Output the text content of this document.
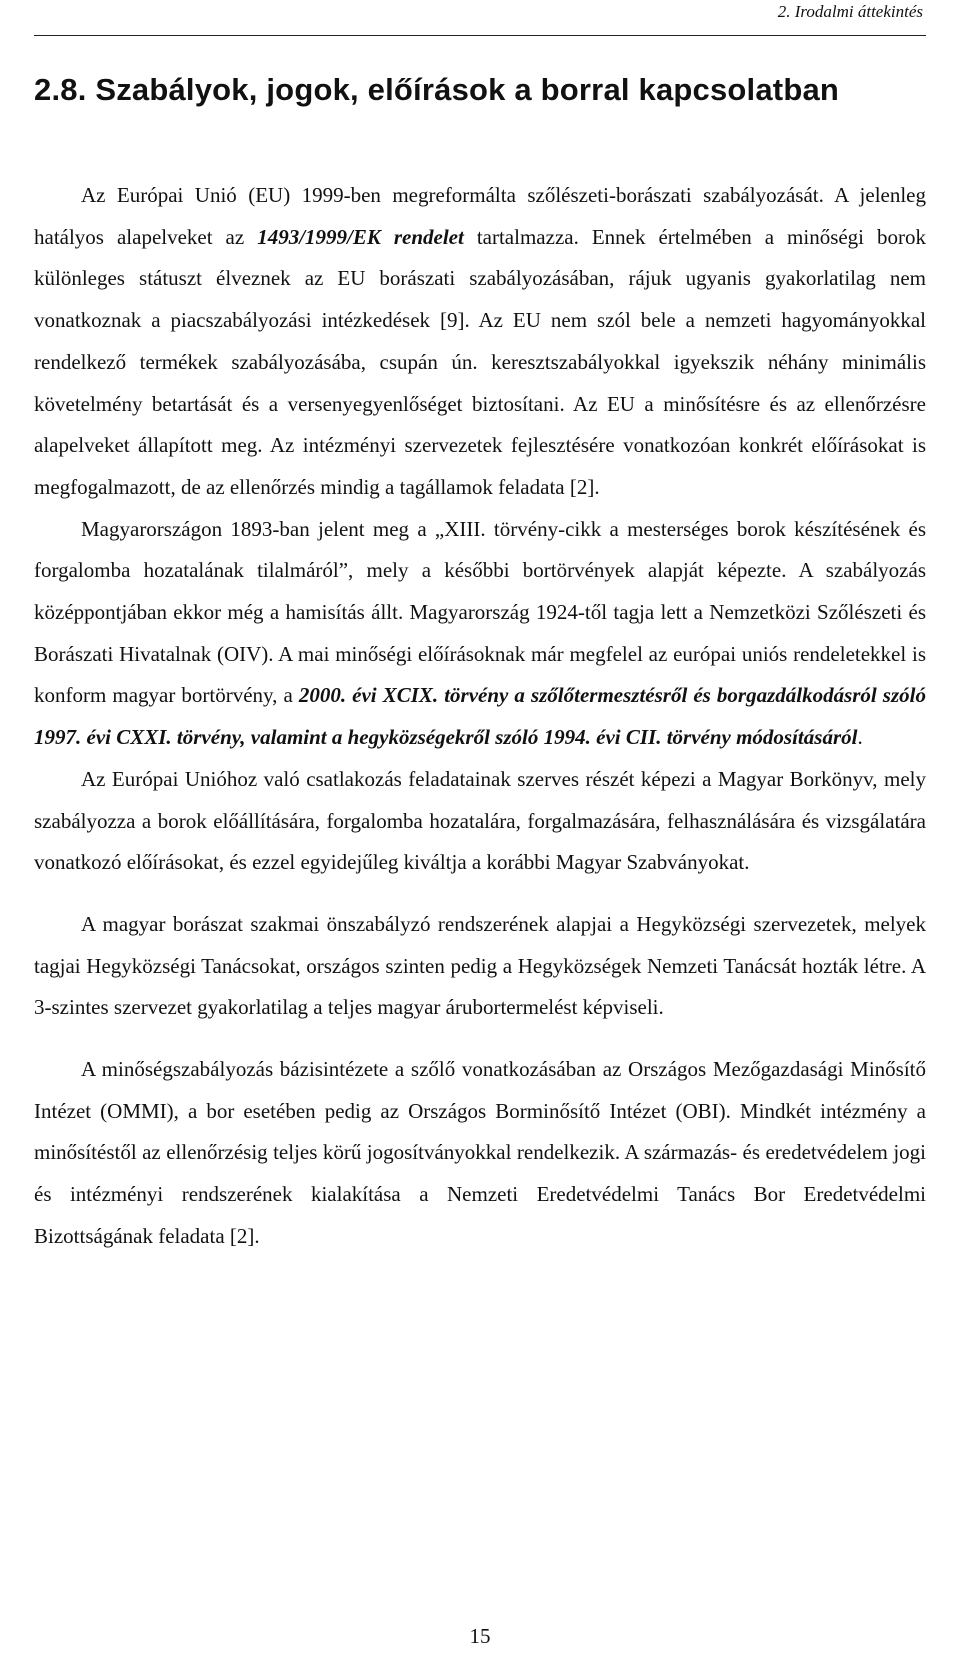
2. Irodalmi áttekintés
2.8. Szabályok, jogok, előírások a borral kapcsolatban

Az Európai Unió (EU) 1999-ben megreformálta szőlészeti-borászati szabályozását. A jelenleg hatályos alapelveket az 1493/1999/EK rendelet tartalmazza. Ennek értelmében a minőségi borok különleges státuszt élveznek az EU borászati szabályozásában, rájuk ugyanis gyakorlatilag nem vonatkoznak a piacszabályozási intézkedések [9]. Az EU nem szól bele a nemzeti hagyományokkal rendelkező termékek szabályozásába, csupán ún. keresztszabályokkal igyekszik néhány minimális követelmény betartását és a versenyegyenlőséget biztosítani. Az EU a minősítésre és az ellenőrzésre alapelveket állapított meg. Az intézményi szervezetek fejlesztésére vonatkozóan konkrét előírásokat is megfogalmazott, de az ellenőrzés mindig a tagállamok feladata [2].

Magyarországon 1893-ban jelent meg a „XIII. törvény-cikk a mesterséges borok készítésének és forgalomba hozatalának tilalmáról”, mely a későbbi bortörvények alapját képezte. A szabályozás középpontjában ekkor még a hamisítás állt. Magyarország 1924-től tagja lett a Nemzetközi Szőlészeti és Borászati Hivatalnak (OIV). A mai minőségi előírásoknak már megfelel az európai uniós rendeletekkel is konform magyar bortörvény, a 2000. évi XCIX. törvény a szőlőtermesztésről és borgazdálkodásról szóló 1997. évi CXXI. törvény, valamint a hegyközségekről szóló 1994. évi CII. törvény módosításáról.

Az Európai Unióhoz való csatlakozás feladatainak szerves részét képezi a Magyar Borkönyv, mely szabályozza a borok előállítására, forgalomba hozatalára, forgalmazására, felhasználására és vizsgálatára vonatkozó előírásokat, és ezzel egyidejűleg kiváltja a korábbi Magyar Szabványokat.

A magyar borászat szakmai önszabályzó rendszerének alapjai a Hegyközségi szervezetek, melyek tagjai Hegyközségi Tanácsokat, országos szinten pedig a Hegyközségek Nemzeti Tanácsát hozták létre. A 3-szintes szervezet gyakorlatilag a teljes magyar árubortermelést képviseli.

A minőségszabályozás bázisintézete a szőlő vonatkozásában az Országos Mezőgazdasági Minősítő Intézet (OMMI), a bor esetében pedig az Országos Borminősítő Intézet (OBI). Mindkét intézmény a minősítéstől az ellenőrzésig teljes körű jogosítványokkal rendelkezik. A származás- és eredetvédelem jogi és intézményi rendszerének kialakítása a Nemzeti Eredetvédelmi Tanács Bor Eredetvédelmi Bizottságának feladata [2].

15
